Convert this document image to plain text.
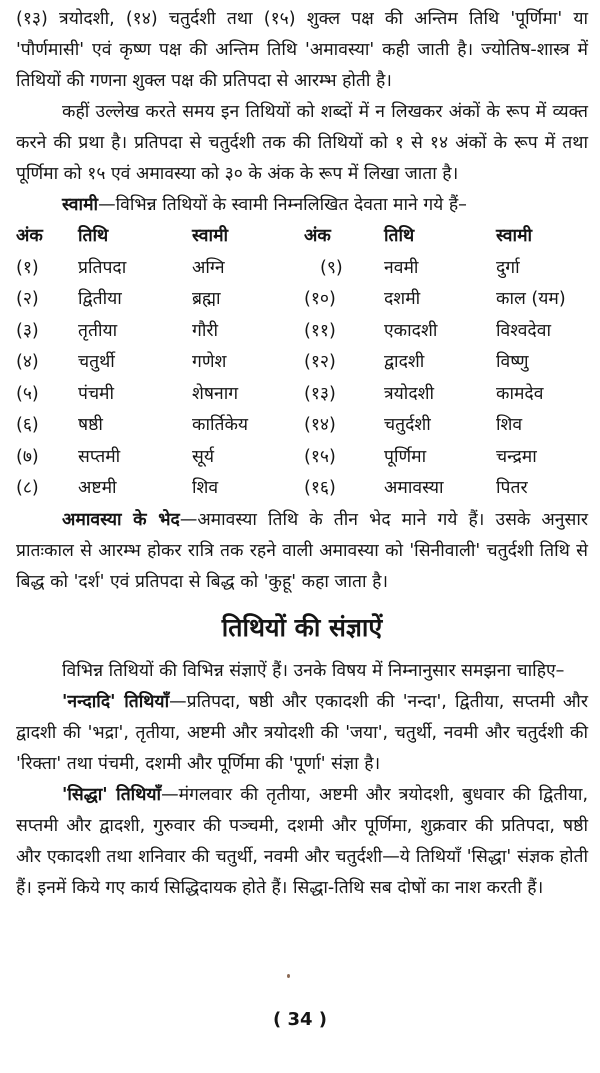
(१३) त्रयोदशी, (१४) चतुर्दशी तथा (१५) शुक्ल पक्ष की अन्तिम तिथि 'पूर्णिमा' या 'पौर्णमासी' एवं कृष्ण पक्ष की अन्तिम तिथि 'अमावस्या' कही जाती है। ज्योतिष-शास्त्र में तिथियों की गणना शुक्ल पक्ष की प्रतिपदा से आरम्भ होती है।

कहीं उल्लेख करते समय इन तिथियों को शब्दों में न लिखकर अंकों के रूप में व्यक्त करने की प्रथा है। प्रतिपदा से चतुर्दशी तक की तिथियों को १ से १४ अंकों के रूप में तथा पूर्णिमा को १५ एवं अमावस्या को ३० के अंक के रूप में लिखा जाता है।

स्वामी—विभिन्न तिथियों के स्वामी निम्नलिखित देवता माने गये हैं–

अंक	तिथि	स्वामी	अंक	तिथि	स्वामी
(१)	प्रतिपदा	अग्नि	(९)	नवमी	दुर्गा
(२)	द्वितीया	ब्रह्मा	(१०)	दशमी	काल (यम)
(३)	तृतीया	गौरी	(११)	एकादशी	विश्वदेवा
(४)	चतुर्थी	गणेश	(१२)	द्वादशी	विष्णु
(५)	पंचमी	शेषनाग	(१३)	त्रयोदशी	कामदेव
(६)	षष्ठी	कार्तिकेय	(१४)	चतुर्दशी	शिव
(७)	सप्तमी	सूर्य	(१५)	पूर्णिमा	चन्द्रमा
(८)	अष्टमी	शिव	(१६)	अमावस्या	पितर

अमावस्या के भेद—अमावस्या तिथि के तीन भेद माने गये हैं। उसके अनुसार प्रातःकाल से आरम्भ होकर रात्रि तक रहने वाली अमावस्या को 'सिनीवाली' चतुर्दशी तिथि से बिद्ध को 'दर्श' एवं प्रतिपदा से बिद्ध को 'कुहू' कहा जाता है।

तिथियों की संज्ञाऐं

विभिन्न तिथियों की विभिन्न संज्ञाऐं हैं। उनके विषय में निम्नानुसार समझना चाहिए–

'नन्दादि' तिथियाँ—प्रतिपदा, षष्ठी और एकादशी की 'नन्दा', द्वितीया, सप्तमी और द्वादशी की 'भद्रा', तृतीया, अष्टमी और त्रयोदशी की 'जया', चतुर्थी, नवमी और चतुर्दशी की 'रिक्ता' तथा पंचमी, दशमी और पूर्णिमा की 'पूर्णा' संज्ञा है।

'सिद्धा' तिथियाँ—मंगलवार की तृतीया, अष्टमी और त्रयोदशी, बुधवार की द्वितीया, सप्तमी और द्वादशी, गुरुवार की पञ्चमी, दशमी और पूर्णिमा, शुक्रवार की प्रतिपदा, षष्ठी और एकादशी तथा शनिवार की चतुर्थी, नवमी और चतुर्दशी—ये तिथियाँ 'सिद्धा' संज्ञक होती हैं। इनमें किये गए कार्य सिद्धिदायक होते हैं। सिद्धा-तिथि सब दोषों का नाश करती हैं।

( 34 )
